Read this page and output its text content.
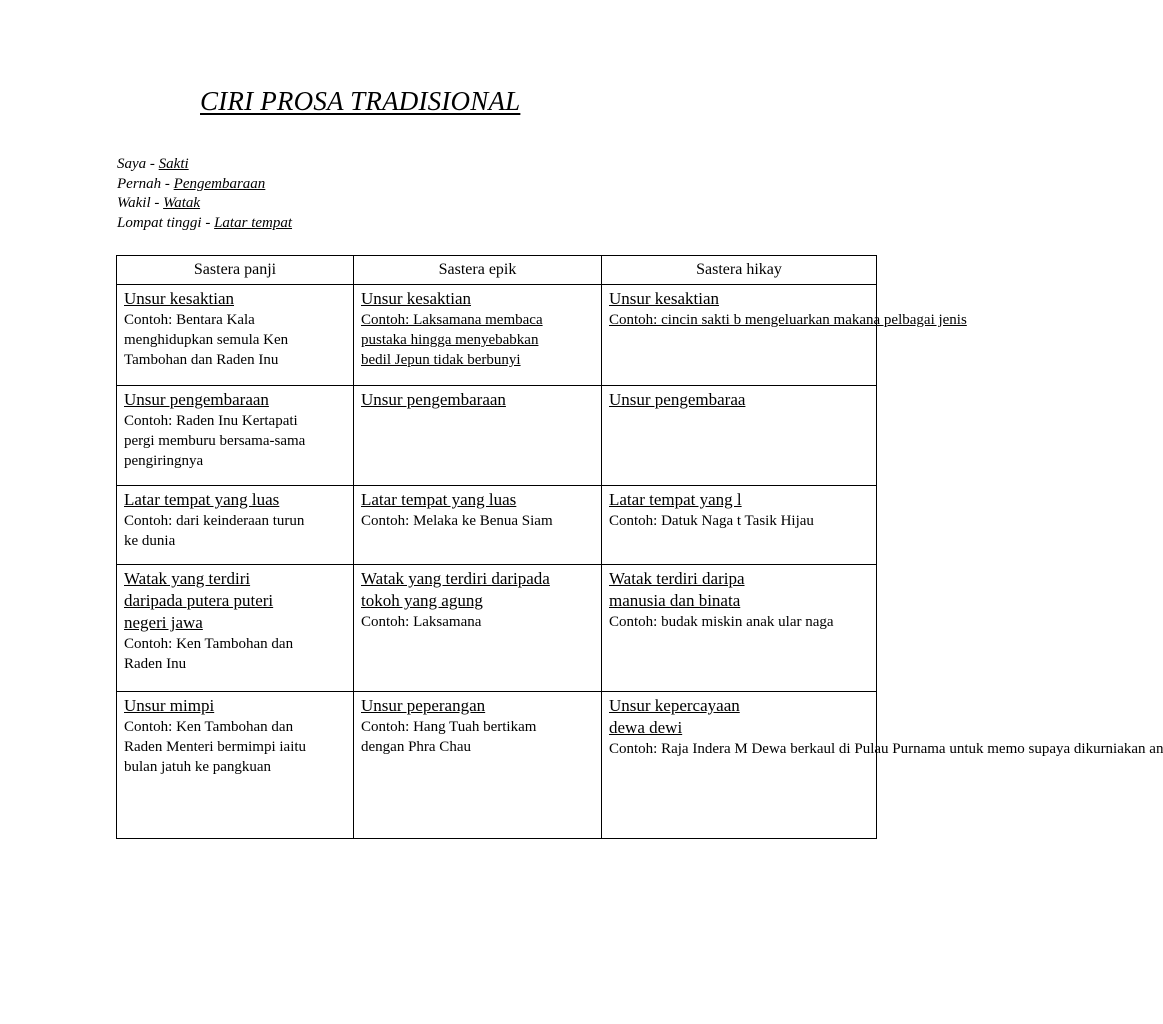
CIRI PROSA TRADISIONAL
Saya - Sakti
Pernah - Pengembaraan
Wakil - Watak
Lompat tinggi - Latar tempat
Sastera panji	Sastera epik	Sastera hikay

Unsur kesaktian
Contoh: Bentara Kala
menghidupkan semula Ken
Tambohan dan Raden Inu	Unsur kesaktian
Contoh: Laksamana membaca
pustaka hingga menyebabkan
bedil Jepun tidak berbunyi	Unsur kesaktian
Contoh: cincin sakti b mengeluarkan makana pelbagai jenis

Unsur pengembaraan
Contoh: Raden Inu Kertapati
pergi memburu bersama-sama
pengiringnya	Unsur pengembaraan	Unsur pengembaraa

Latar tempat yang luas
Contoh: dari keinderaan turun
ke dunia	Latar tempat yang luas
Contoh: Melaka ke Benua Siam	Latar tempat yang l
Contoh: Datuk Naga t Tasik Hijau

Watak yang terdiri
daripada putera puteri
negeri jawa
Contoh: Ken Tambohan dan
Raden Inu	Watak yang terdiri daripada
tokoh yang agung
Contoh: Laksamana	Watak terdiri daripa
manusia dan binata
Contoh: budak miskin anak ular naga

Unsur mimpi
Contoh: Ken Tambohan dan
Raden Menteri bermimpi iaitu
bulan jatuh ke pangkuan	Unsur peperangan
Contoh: Hang Tuah bertikam
dengan Phra Chau	Unsur kepercayaan
dewa dewi
Contoh: Raja Indera M Dewa berkaul di Pulau Purnama untuk memo supaya dikurniakan an
